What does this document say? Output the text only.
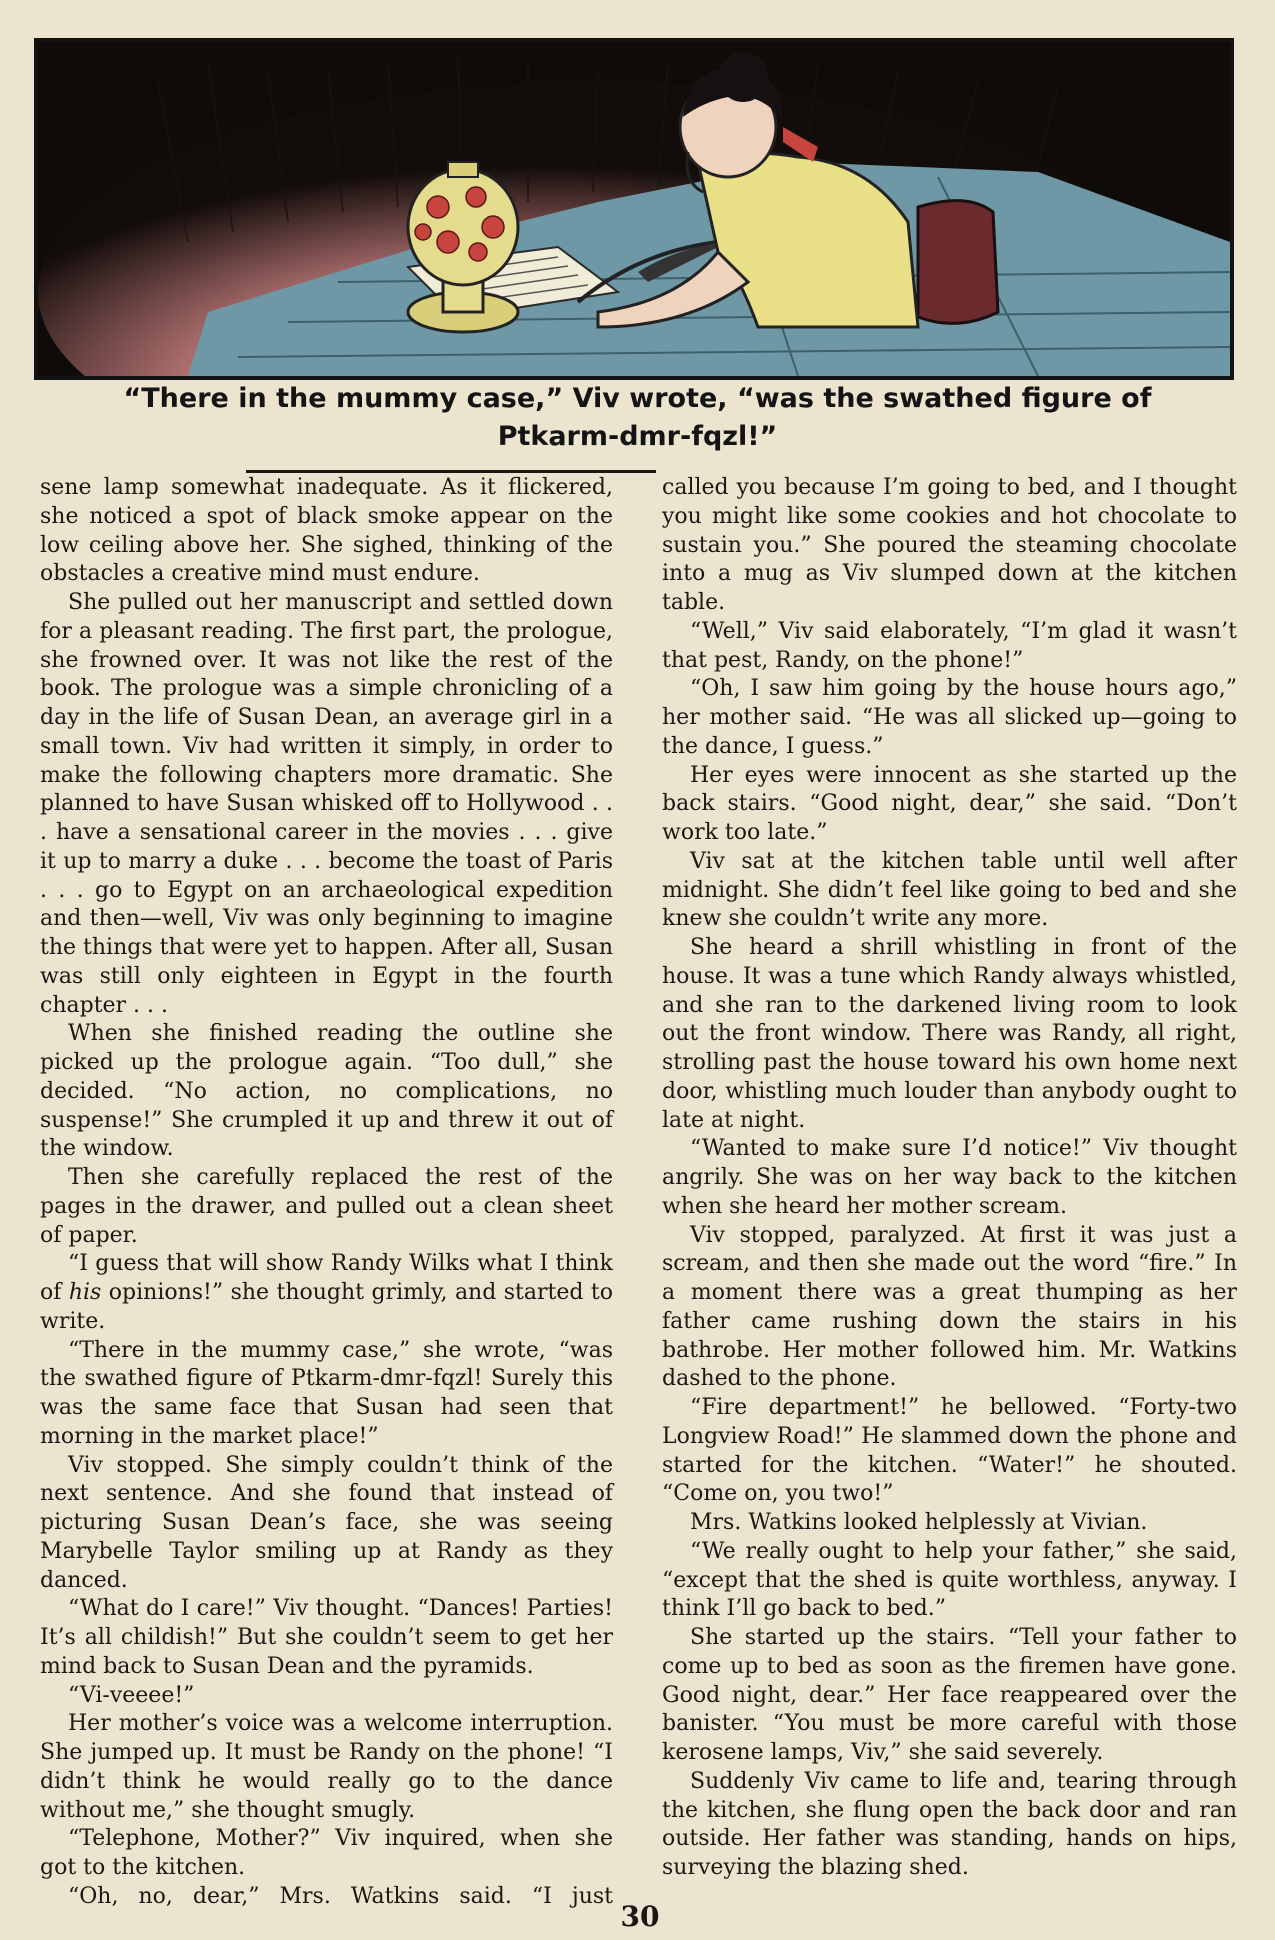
“There in the mummy case,” Viv wrote, “was the swathed figure of
Ptkarm-dmr-fqzl!”

sene lamp somewhat inadequate. As it flickered, she noticed a spot of black smoke appear on the low ceiling above her. She sighed, thinking of the obstacles a creative mind must endure.

She pulled out her manuscript and settled down for a pleasant reading. The first part, the prologue, she frowned over. It was not like the rest of the book. The prologue was a simple chronicling of a day in the life of Susan Dean, an average girl in a small town. Viv had written it simply, in order to make the following chapters more dramatic. She planned to have Susan whisked off to Hollywood . . . have a sensational career in the movies . . . give it up to marry a duke . . . become the toast of Paris . . . go to Egypt on an archaeological expedition and then—well, Viv was only beginning to imagine the things that were yet to happen. After all, Susan was still only eighteen in Egypt in the fourth chapter . . .

When she finished reading the outline she picked up the prologue again. “Too dull,” she decided. “No action, no complications, no suspense!” She crumpled it up and threw it out of the window.

Then she carefully replaced the rest of the pages in the drawer, and pulled out a clean sheet of paper.

“I guess that will show Randy Wilks what I think of his opinions!” she thought grimly, and started to write.

“There in the mummy case,” she wrote, “was the swathed figure of Ptkarm-dmr-fqzl! Surely this was the same face that Susan had seen that morning in the market place!”

Viv stopped. She simply couldn’t think of the next sentence. And she found that instead of picturing Susan Dean’s face, she was seeing Marybelle Taylor smiling up at Randy as they danced.

“What do I care!” Viv thought. “Dances! Parties! It’s all childish!” But she couldn’t seem to get her mind back to Susan Dean and the pyramids.

“Vi-veeee!”

Her mother’s voice was a welcome interruption. She jumped up. It must be Randy on the phone! “I didn’t think he would really go to the dance without me,” she thought smugly.

“Telephone, Mother?” Viv inquired, when she got to the kitchen.

“Oh, no, dear,” Mrs. Watkins said. “I just

called you because I’m going to bed, and I thought you might like some cookies and hot chocolate to sustain you.” She poured the steaming chocolate into a mug as Viv slumped down at the kitchen table.

“Well,” Viv said elaborately, “I’m glad it wasn’t that pest, Randy, on the phone!”

“Oh, I saw him going by the house hours ago,” her mother said. “He was all slicked up—going to the dance, I guess.”

Her eyes were innocent as she started up the back stairs. “Good night, dear,” she said. “Don’t work too late.”

Viv sat at the kitchen table until well after midnight. She didn’t feel like going to bed and she knew she couldn’t write any more.

She heard a shrill whistling in front of the house. It was a tune which Randy always whistled, and she ran to the darkened living room to look out the front window. There was Randy, all right, strolling past the house toward his own home next door, whistling much louder than anybody ought to late at night.

“Wanted to make sure I’d notice!” Viv thought angrily. She was on her way back to the kitchen when she heard her mother scream.

Viv stopped, paralyzed. At first it was just a scream, and then she made out the word “fire.” In a moment there was a great thumping as her father came rushing down the stairs in his bathrobe. Her mother followed him. Mr. Watkins dashed to the phone.

“Fire department!” he bellowed. “Forty-two Longview Road!” He slammed down the phone and started for the kitchen. “Water!” he shouted. “Come on, you two!”

Mrs. Watkins looked helplessly at Vivian.

“We really ought to help your father,” she said, “except that the shed is quite worthless, anyway. I think I’ll go back to bed.”

She started up the stairs. “Tell your father to come up to bed as soon as the firemen have gone. Good night, dear.” Her face reappeared over the banister. “You must be more careful with those kerosene lamps, Viv,” she said severely.

Suddenly Viv came to life and, tearing through the kitchen, she flung open the back door and ran outside. Her father was standing, hands on hips, surveying the blazing shed.

30
